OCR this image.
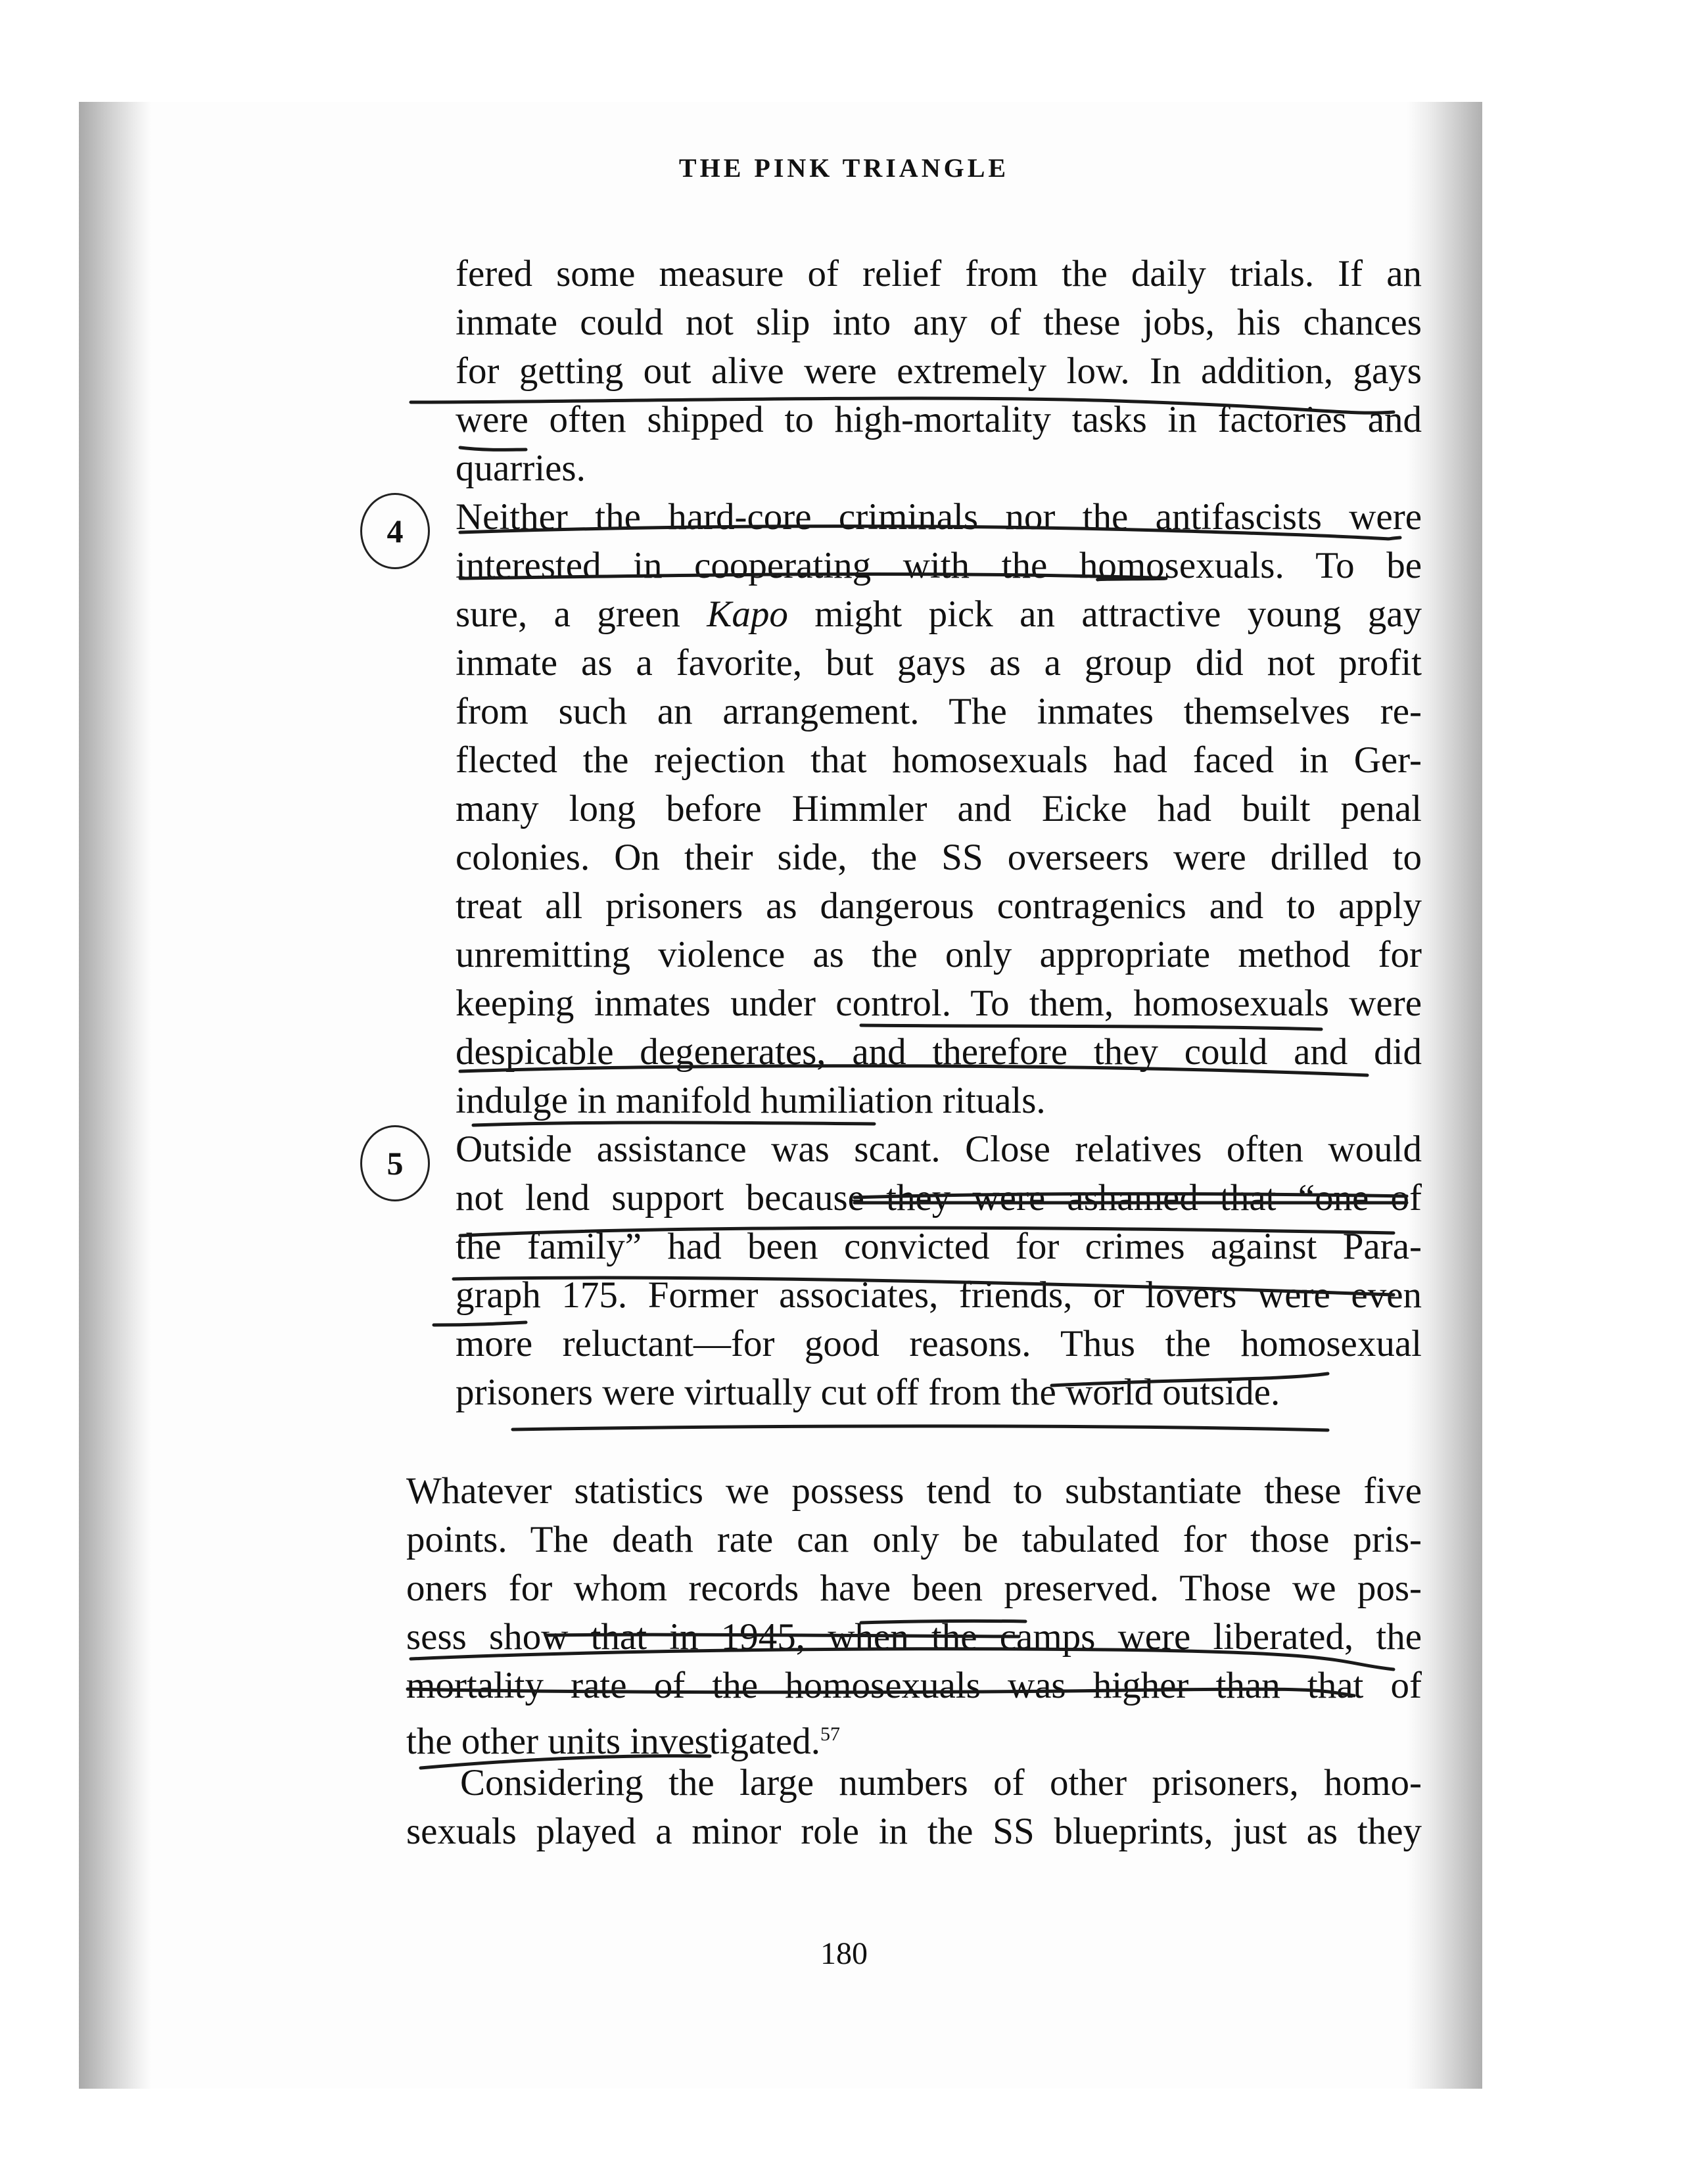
THE PINK TRIANGLE
fered some measure of relief from the daily trials. If an
inmate could not slip into any of these jobs, his chances
for getting out alive were extremely low. In addition, gays
were often shipped to high-mortality tasks in factories and
quarries.
Neither the hard-core criminals nor the antifascists were
interested in cooperating with the homosexuals. To be
sure, a green Kapo might pick an attractive young gay
inmate as a favorite, but gays as a group did not profit
from such an arrangement. The inmates themselves re-
flected the rejection that homosexuals had faced in Ger-
many long before Himmler and Eicke had built penal
colonies. On their side, the SS overseers were drilled to
treat all prisoners as dangerous contragenics and to apply
unremitting violence as the only appropriate method for
keeping inmates under control. To them, homosexuals were
despicable degenerates, and therefore they could and did
indulge in manifold humiliation rituals.
Outside assistance was scant. Close relatives often would
not lend support because they were ashamed that “one of
the family” had been convicted for crimes against Para-
graph 175. Former associates, friends, or lovers were even
more reluctant—for good reasons. Thus the homosexual
prisoners were virtually cut off from the world outside.
Whatever statistics we possess tend to substantiate these five
points. The death rate can only be tabulated for those pris-
oners for whom records have been preserved. Those we pos-
sess show that in 1945, when the camps were liberated, the
mortality rate of the homosexuals was higher than that of
the other units investigated.$^{57}$
Considering the large numbers of other prisoners, homo-
sexuals played a minor role in the SS blueprints, just as they
4
5
180
